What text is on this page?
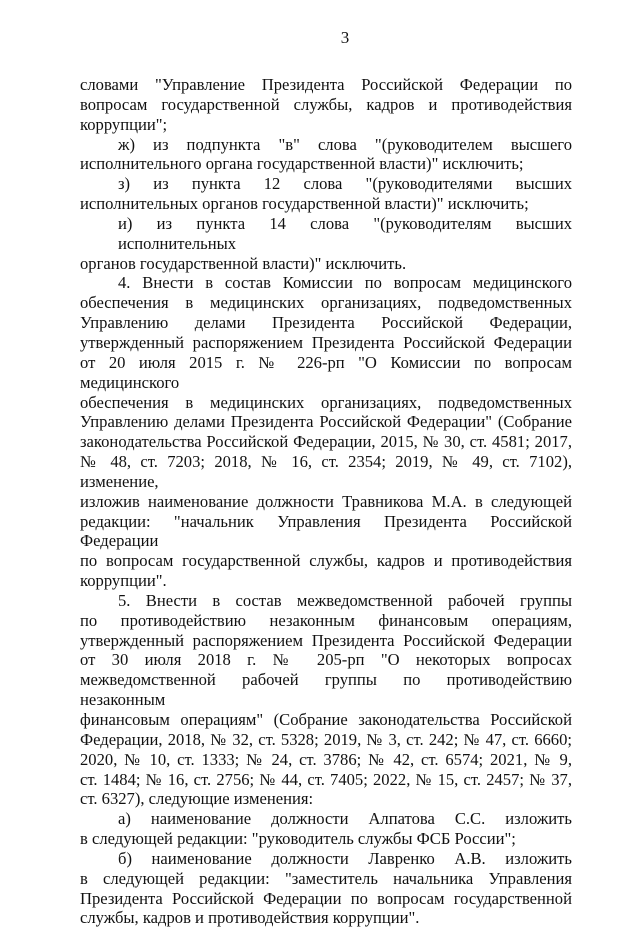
3

словами "Управление Президента Российской Федерации по
вопросам государственной службы, кадров и противодействия
коррупции";

ж) из подпункта "в" слова "(руководителем высшего
исполнительного органа государственной власти)" исключить;

з) из пункта 12 слова "(руководителями высших
исполнительных органов государственной власти)" исключить;

и) из пункта 14 слова "(руководителям высших исполнительных
органов государственной власти)" исключить.

4. Внести в состав Комиссии по вопросам медицинского
обеспечения в медицинских организациях, подведомственных
Управлению делами Президента Российской Федерации,
утвержденный распоряжением Президента Российской Федерации
от 20 июля 2015 г. № 226-рп "О Комиссии по вопросам медицинского
обеспечения в медицинских организациях, подведомственных
Управлению делами Президента Российской Федерации" (Собрание
законодательства Российской Федерации, 2015, № 30, ст. 4581; 2017,
№ 48, ст. 7203; 2018, № 16, ст. 2354; 2019, № 49, ст. 7102), изменение,
изложив наименование должности Травникова М.А. в следующей
редакции: "начальник Управления Президента Российской Федерации
по вопросам государственной службы, кадров и противодействия
коррупции".

5. Внести в состав межведомственной рабочей группы
по противодействию незаконным финансовым операциям,
утвержденный распоряжением Президента Российской Федерации
от 30 июля 2018 г. № 205-рп "О некоторых вопросах
межведомственной рабочей группы по противодействию незаконным
финансовым операциям" (Собрание законодательства Российской
Федерации, 2018, № 32, ст. 5328; 2019, № 3, ст. 242; № 47, ст. 6660;
2020, № 10, ст. 1333; № 24, ст. 3786; № 42, ст. 6574; 2021, № 9,
ст. 1484; № 16, ст. 2756; № 44, ст. 7405; 2022, № 15, ст. 2457; № 37,
ст. 6327), следующие изменения:

а) наименование должности Алпатова С.С. изложить
в следующей редакции: "руководитель службы ФСБ России";

б) наименование должности Лавренко А.В. изложить
в следующей редакции: "заместитель начальника Управления
Президента Российской Федерации по вопросам государственной
службы, кадров и противодействия коррупции".
